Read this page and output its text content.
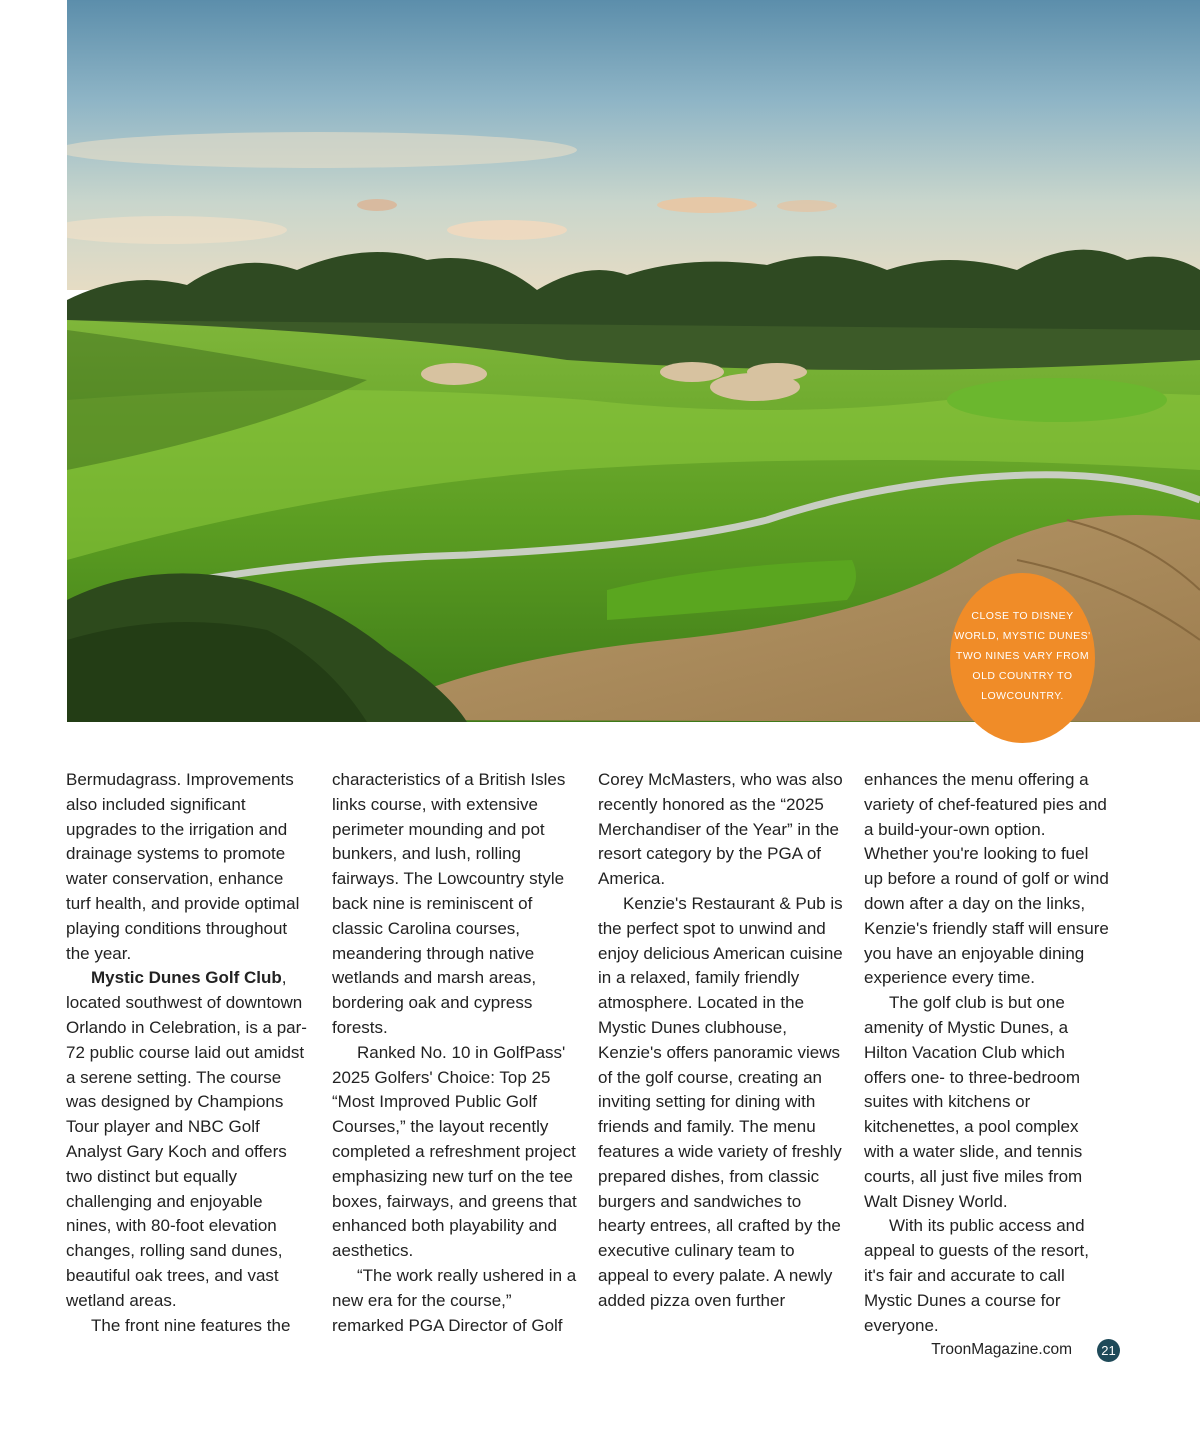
CLOSE TO DISNEY WORLD, MYSTIC DUNES' TWO NINES VARY FROM OLD COUNTRY TO LOWCOUNTRY.

Bermudagrass. Improvements also included significant upgrades to the irrigation and drainage systems to promote water conservation, enhance turf health, and provide optimal playing conditions throughout the year.

Mystic Dunes Golf Club, located southwest of downtown Orlando in Celebration, is a par-72 public course laid out amidst a serene setting. The course was designed by Champions Tour player and NBC Golf Analyst Gary Koch and offers two distinct but equally challenging and enjoyable nines, with 80-foot elevation changes, rolling sand dunes, beautiful oak trees, and vast wetland areas.

The front nine features the

characteristics of a British Isles links course, with extensive perimeter mounding and pot bunkers, and lush, rolling fairways. The Lowcountry style back nine is reminiscent of classic Carolina courses, meandering through native wetlands and marsh areas, bordering oak and cypress forests.

Ranked No. 10 in GolfPass' 2025 Golfers' Choice: Top 25 “Most Improved Public Golf Courses,” the layout recently completed a refreshment project emphasizing new turf on the tee boxes, fairways, and greens that enhanced both playability and aesthetics.

“The work really ushered in a new era for the course,” remarked PGA Director of Golf

Corey McMasters, who was also recently honored as the “2025 Merchandiser of the Year” in the resort category by the PGA of America.

Kenzie's Restaurant & Pub is the perfect spot to unwind and enjoy delicious American cuisine in a relaxed, family friendly atmosphere. Located in the Mystic Dunes clubhouse, Kenzie's offers panoramic views of the golf course, creating an inviting setting for dining with friends and family. The menu features a wide variety of freshly prepared dishes, from classic burgers and sandwiches to hearty entrees, all crafted by the executive culinary team to appeal to every palate. A newly added pizza oven further

enhances the menu offering a variety of chef-featured pies and a build-your-own option. Whether you're looking to fuel up before a round of golf or wind down after a day on the links, Kenzie's friendly staff will ensure you have an enjoyable dining experience every time.

The golf club is but one amenity of Mystic Dunes, a Hilton Vacation Club which offers one- to three-bedroom suites with kitchens or kitchenettes, a pool complex with a water slide, and tennis courts, all just five miles from Walt Disney World.

With its public access and appeal to guests of the resort, it's fair and accurate to call Mystic Dunes a course for everyone.

TroonMagazine.com	21
